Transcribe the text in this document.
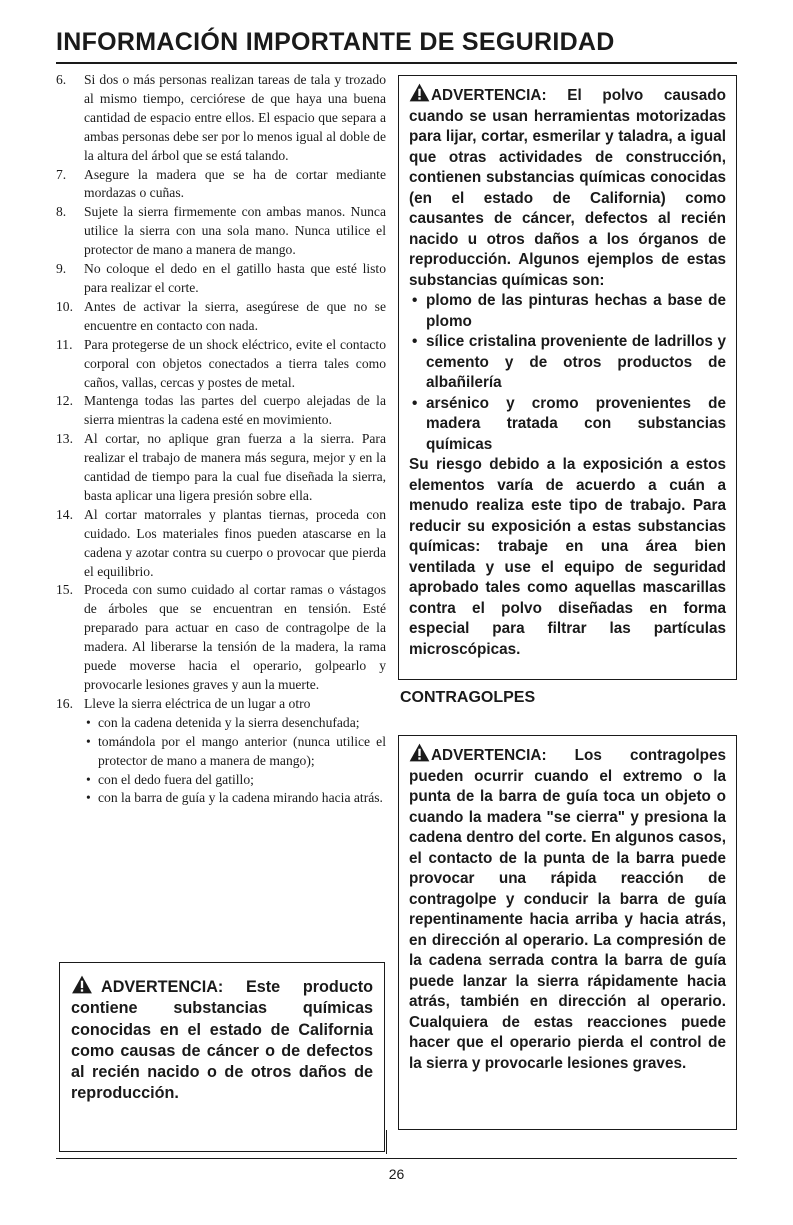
INFORMACIÓN IMPORTANTE DE SEGURIDAD
6. Si dos o más personas realizan tareas de tala y trozado al mismo tiempo, cerciórese de que haya una buena cantidad de espacio entre ellos. El espacio que separa a ambas personas debe ser por lo menos igual al doble de la altura del árbol que se está talando.
7. Asegure la madera que se ha de cortar mediante mordazas o cuñas.
8. Sujete la sierra firmemente con ambas manos. Nunca utilice la sierra con una sola mano. Nunca utilice el protector de mano a manera de mango.
9. No coloque el dedo en el gatillo hasta que esté listo para realizar el corte.
10. Antes de activar la sierra, asegúrese de que no se encuentre en contacto con nada.
11. Para protegerse de un shock eléctrico, evite el contacto corporal con objetos conectados a tierra tales como caños, vallas, cercas y postes de metal.
12. Mantenga todas las partes del cuerpo alejadas de la sierra mientras la cadena esté en movimiento.
13. Al cortar, no aplique gran fuerza a la sierra. Para realizar el trabajo de manera más segura, mejor y en la cantidad de tiempo para la cual fue diseñada la sierra, basta aplicar una ligera presión sobre ella.
14. Al cortar matorrales y plantas tiernas, proceda con cuidado. Los materiales finos pueden atascarse en la cadena y azotar contra su cuerpo o provocar que pierda el equilibrio.
15. Proceda con sumo cuidado al cortar ramas o vástagos de árboles que se encuentran en tensión. Esté preparado para actuar en caso de contragolpe de la madera. Al liberarse la tensión de la madera, la rama puede moverse hacia el operario, golpearlo y provocarle lesiones graves y aun la muerte.
16. Lleve la sierra eléctrica de un lugar a otro
• con la cadena detenida y la sierra desenchufada;
• tomándola por el mango anterior (nunca utilice el protector de mano a manera de mango);
• con el dedo fuera del gatillo;
• con la barra de guía y la cadena mirando hacia atrás.
ADVERTENCIA: Este producto contiene substancias químicas conocidas en el estado de California como causas de cáncer o de defectos al recién nacido o de otros daños de reproducción.
ADVERTENCIA: El polvo causado cuando se usan herramientas motorizadas para lijar, cortar, esmerilar y taladra, a igual que otras actividades de construcción, contienen substancias químicas conocidas (en el estado de California) como causantes de cáncer, defectos al recién nacido u otros daños a los órganos de reproducción. Algunos ejemplos de estas substancias químicas son:
• plomo de las pinturas hechas a base de plomo
• sílice cristalina proveniente de ladrillos y cemento y de otros productos de albañilería
• arsénico y cromo provenientes de madera tratada con substancias químicas
Su riesgo debido a la exposición a estos elementos varía de acuerdo a cuán a menudo realiza este tipo de trabajo. Para reducir su exposición a estas substancias químicas: trabaje en una área bien ventilada y use el equipo de seguridad aprobado tales como aquellas mascarillas contra el polvo diseñadas en forma especial para filtrar las partículas microscópicas.
CONTRAGOLPES
ADVERTENCIA: Los contragolpes pueden ocurrir cuando el extremo o la punta de la barra de guía toca un objeto o cuando la madera "se cierra" y presiona la cadena dentro del corte. En algunos casos, el contacto de la punta de la barra puede provocar una rápida reacción de contragolpe y conducir la barra de guía repentinamente hacia arriba y hacia atrás, en dirección al operario. La compresión de la cadena serrada contra la barra de guía puede lanzar la sierra rápidamente hacia atrás, también en dirección al operario. Cualquiera de estas reacciones puede hacer que el operario pierda el control de la sierra y provocarle lesiones graves.
26
